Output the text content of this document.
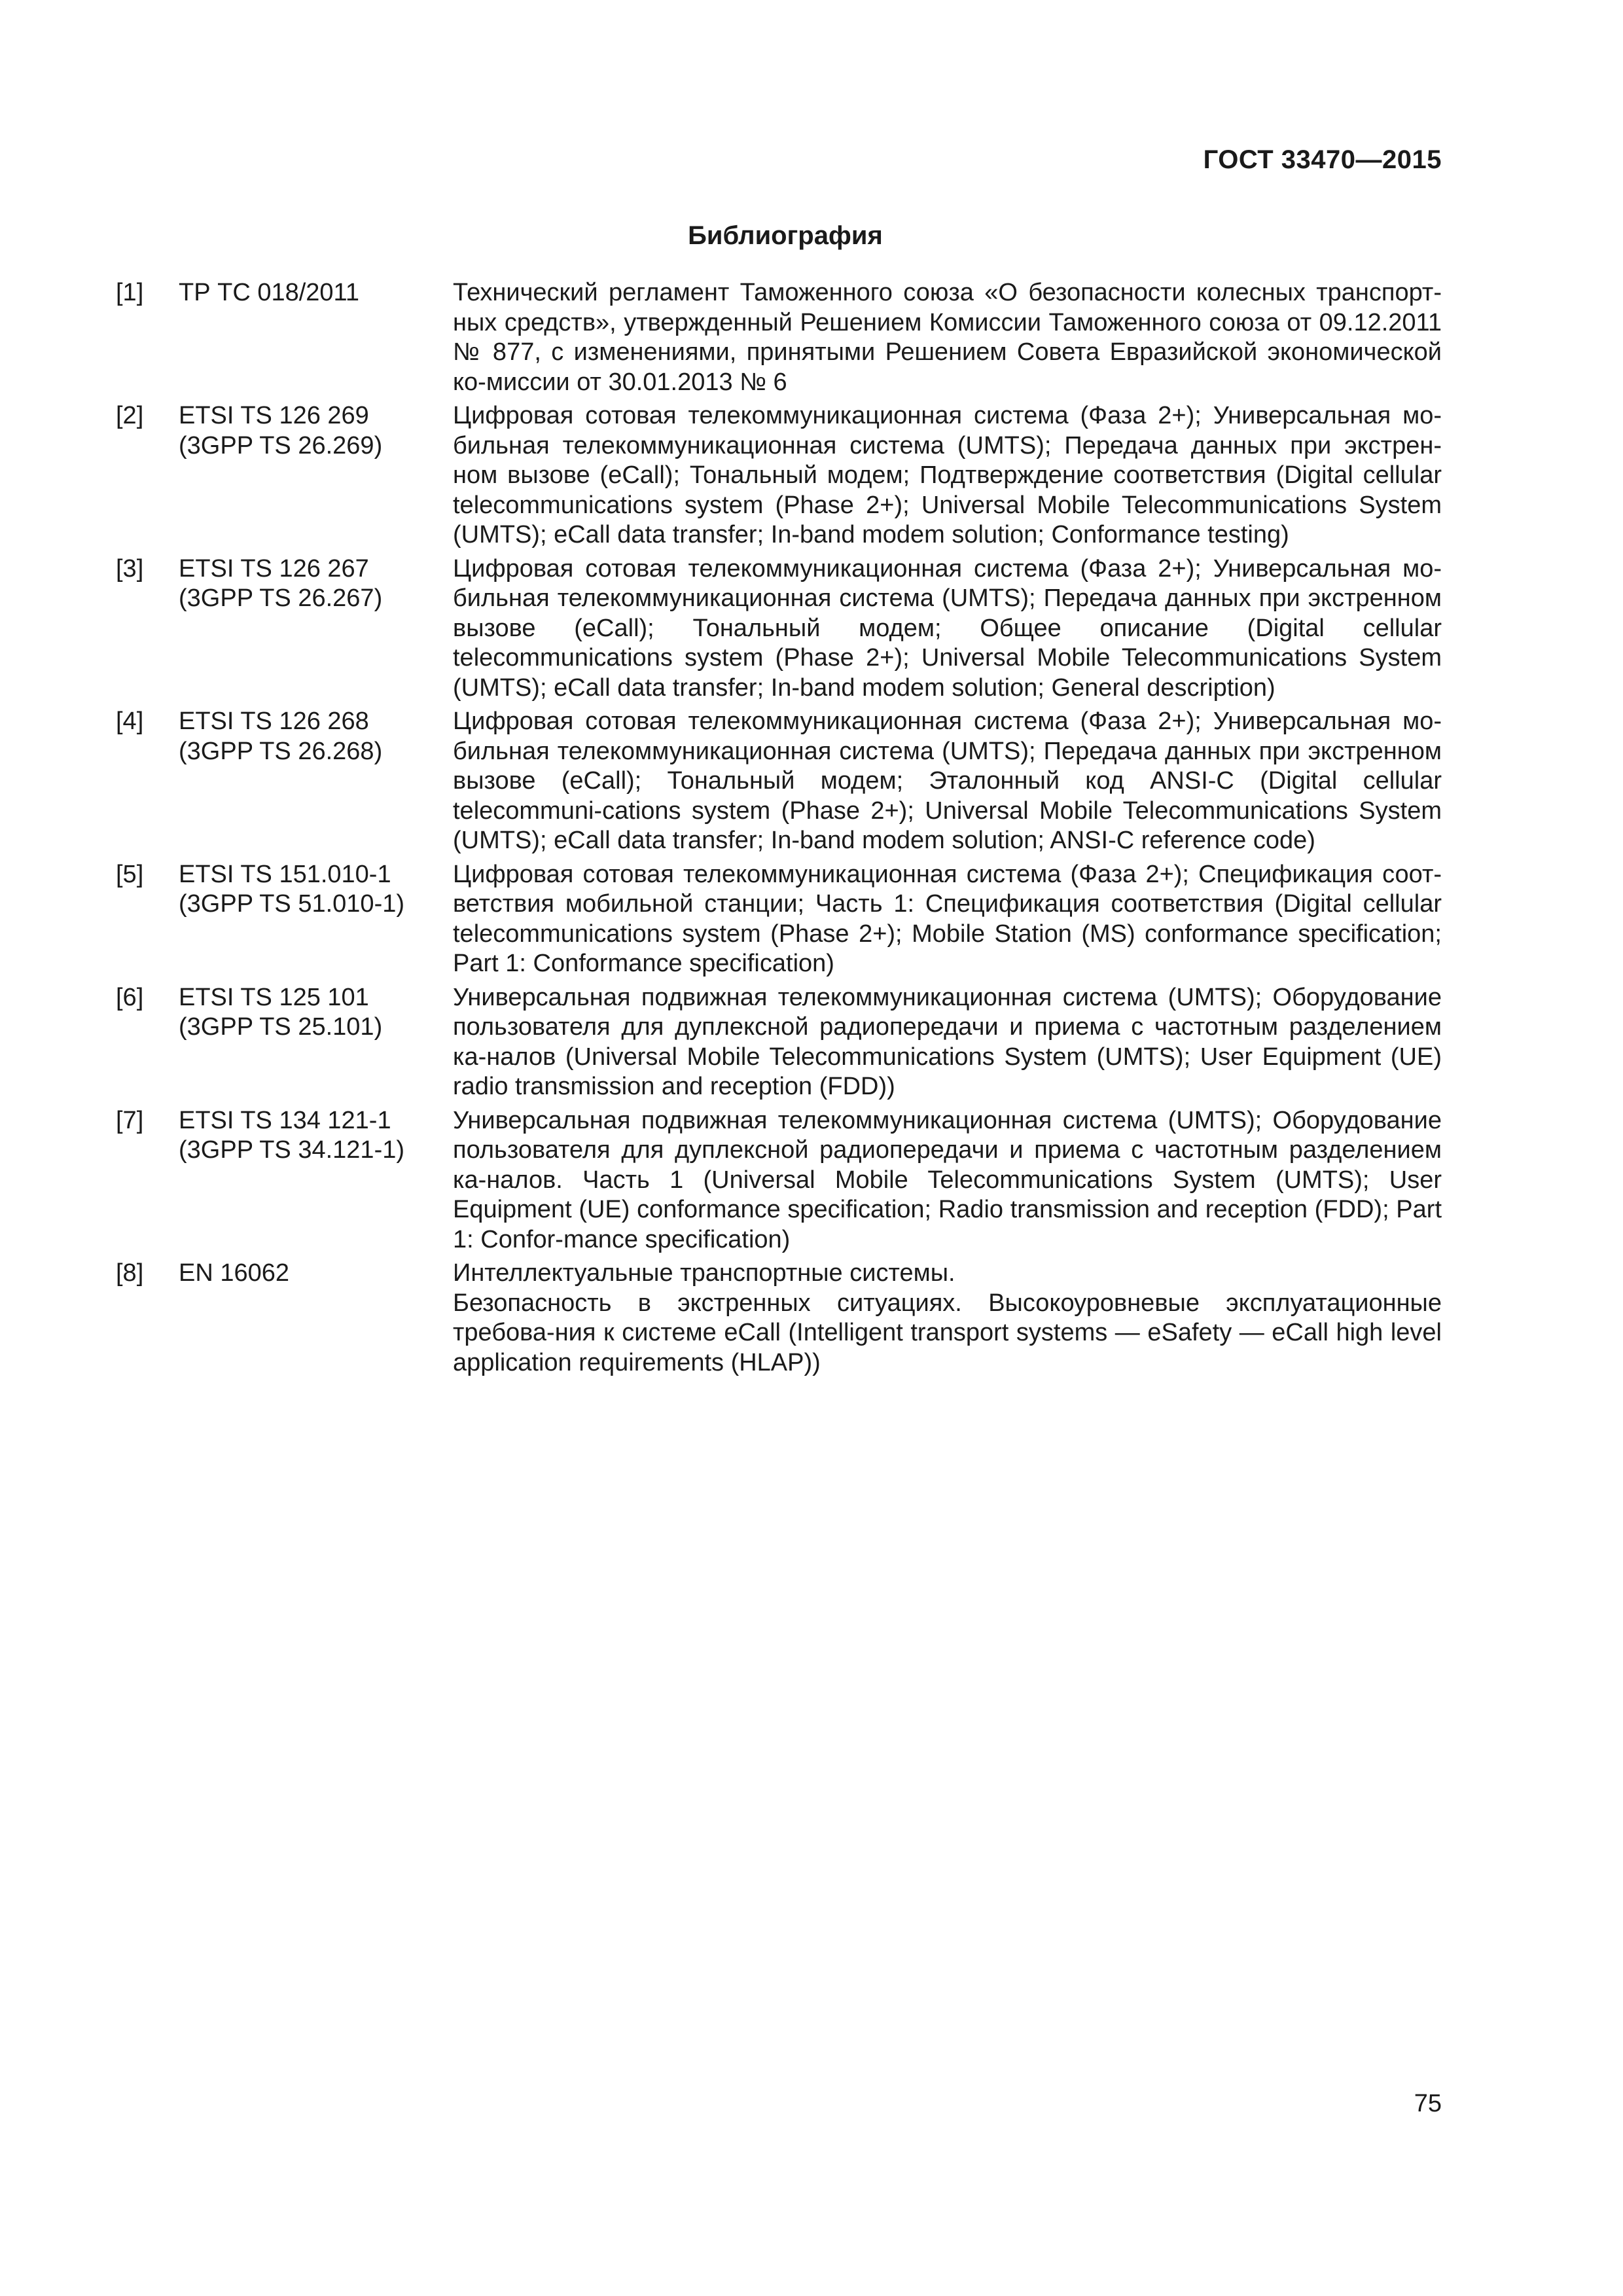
ГОСТ 33470—2015
Библиография
[1] ТР ТС 018/2011	Технический регламент Таможенного союза «О безопасности колесных транспорт-ных средств», утвержденный Решением Комиссии Таможенного союза от 09.12.2011 № 877, с изменениями, принятыми Решением Совета Евразийской экономической ко-миссии от 30.01.2013 № 6
[2] ETSI TS 126 269
(3GPP TS 26.269)
Цифровая сотовая телекоммуникационная система (Фаза 2+); Универсальная мо-бильная телекоммуникационная система (UMTS); Передача данных при экстрен-ном вызове (eCall); Тональный модем; Подтверждение соответствия (Digital cellular telecommunications system (Phase 2+); Universal Mobile Telecommunications System (UMTS); eCall data transfer; In-band modem solution; Conformance testing)
[3] ETSI TS 126 267
(3GPP TS 26.267)
Цифровая сотовая телекоммуникационная система (Фаза 2+); Универсальная мо-бильная телекоммуникационная система (UMTS); Передача данных при экстренном вызове (eCall); Тональный модем; Общее описание (Digital cellular telecommunications system (Phase 2+); Universal Mobile Telecommunications System (UMTS); eCall data transfer; In-band modem solution; General description)
[4] ETSI TS 126 268
(3GPP TS 26.268)
Цифровая сотовая телекоммуникационная система (Фаза 2+); Универсальная мо-бильная телекоммуникационная система (UMTS); Передача данных при экстренном вызове (eCall); Тональный модем; Эталонный код ANSI-C (Digital cellular telecommuni-cations system (Phase 2+); Universal Mobile Telecommunications System (UMTS); eCall data transfer; In-band modem solution; ANSI-C reference code)
[5] ETSI TS 151.010-1
(3GPP TS 51.010-1)
Цифровая сотовая телекоммуникационная система (Фаза 2+); Спецификация соот-ветствия мобильной станции; Часть 1: Спецификация соответствия (Digital cellular telecommunications system (Phase 2+); Mobile Station (MS) conformance specification; Part 1: Conformance specification)
[6] ETSI TS 125 101
(3GPP TS 25.101)
Универсальная подвижная телекоммуникационная система (UMTS); Оборудование пользователя для дуплексной радиопередачи и приема с частотным разделением ка-налов (Universal Mobile Telecommunications System (UMTS); User Equipment (UE) radio transmission and reception (FDD))
[7] ETSI TS 134 121-1
(3GPP TS 34.121-1)
Универсальная подвижная телекоммуникационная система (UMTS); Оборудование пользователя для дуплексной радиопередачи и приема с частотным разделением ка-налов. Часть 1 (Universal Mobile Telecommunications System (UMTS); User Equipment (UE) conformance specification; Radio transmission and reception (FDD); Part 1: Confor-mance specification)
[8] EN 16062	Интеллектуальные транспортные системы.
Безопасность в экстренных ситуациях. Высокоуровневые эксплуатационные требова-ния к системе eCall (Intelligent transport systems — eSafety — eCall high level application requirements (HLAP))
75
